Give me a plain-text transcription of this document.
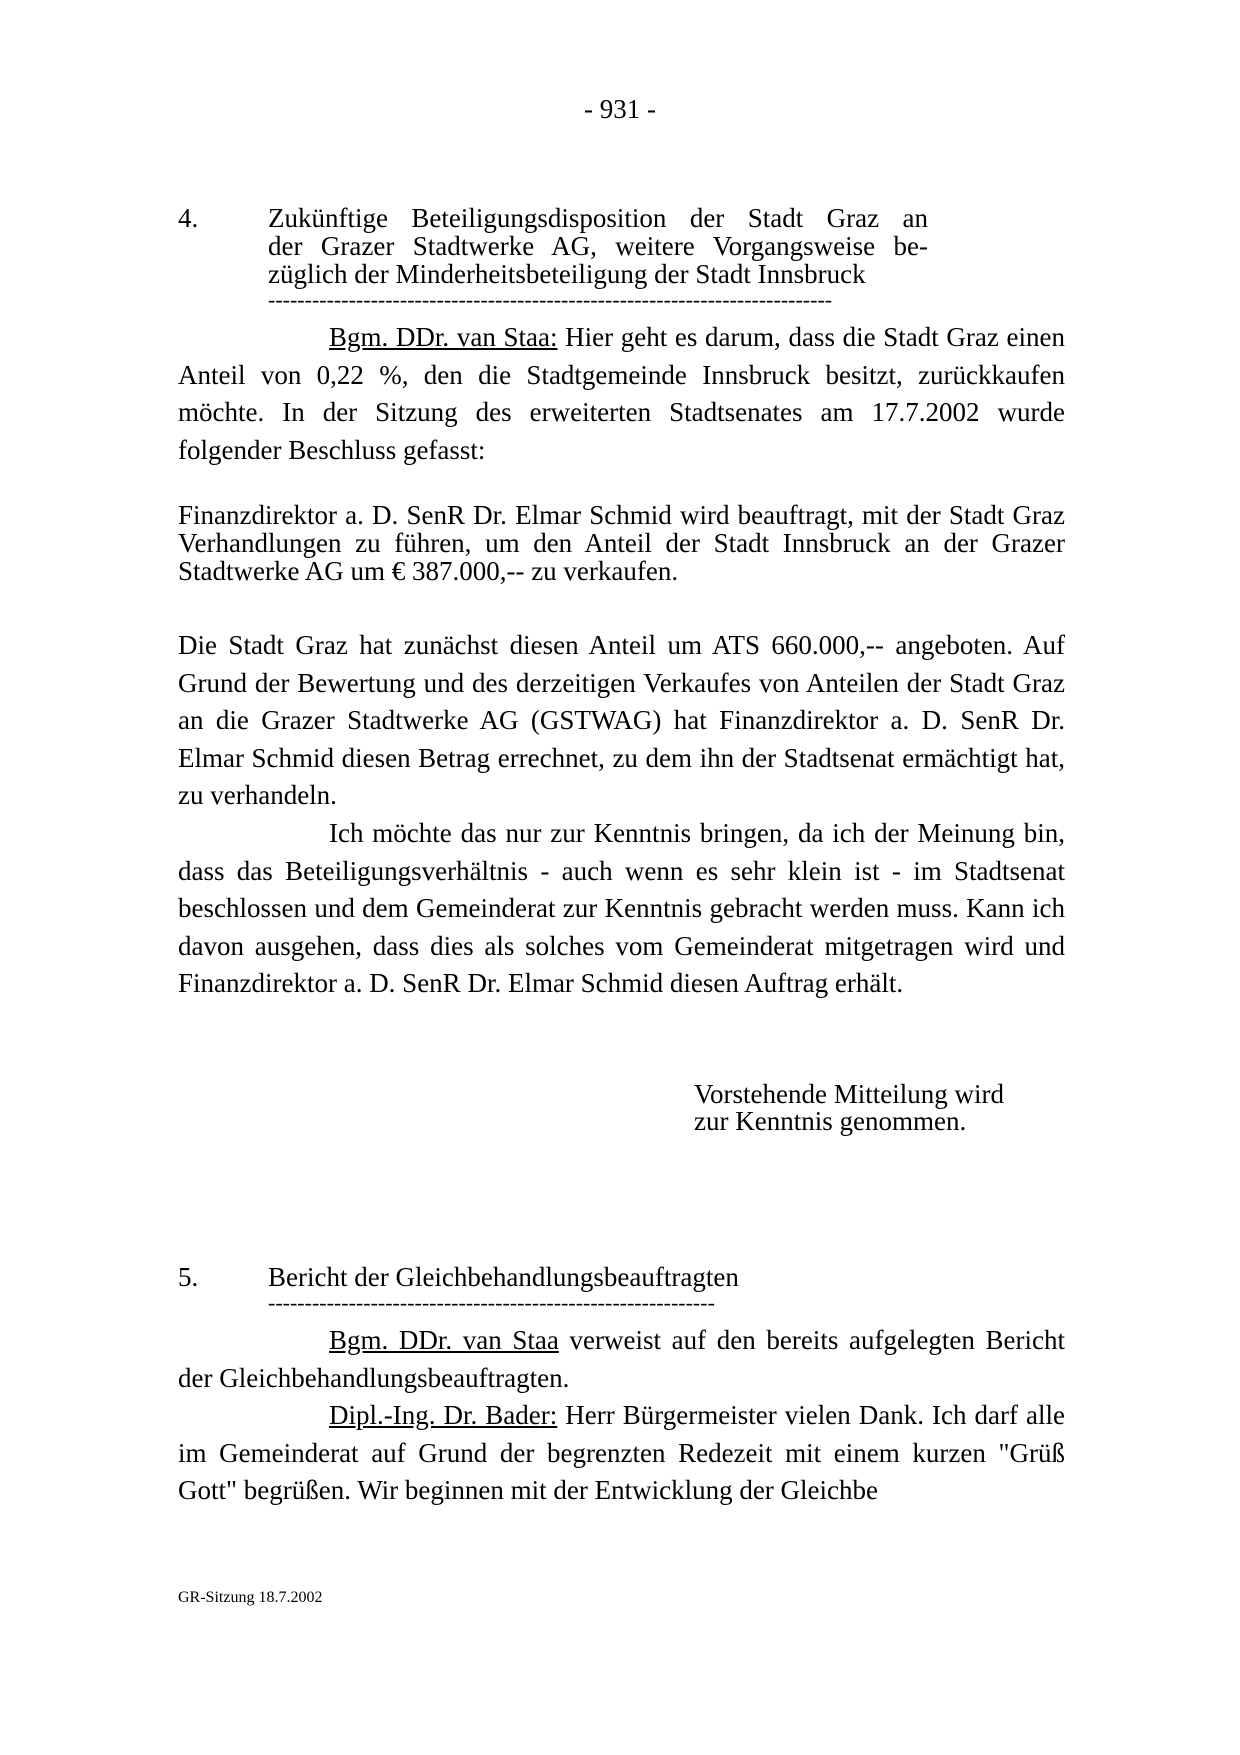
- 931 -
4.	Zukünftige Beteiligungsdisposition der Stadt Graz an
der Grazer Stadtwerke AG, weitere Vorgangsweise be-
züglich der Minderheitsbeteiligung der Stadt Innsbruck
-----------------------------------------------------------------------------

Bgm. DDr. van Staa: Hier geht es darum, dass die Stadt Graz einen Anteil von 0,22 %, den die Stadtgemeinde Innsbruck besitzt, zurückkaufen möchte. In der Sitzung des erweiterten Stadtsenates am 17.7.2002 wurde folgender Beschluss gefasst:

Finanzdirektor a. D. SenR Dr. Elmar Schmid wird beauftragt, mit der Stadt Graz Verhandlungen zu führen, um den Anteil der Stadt Innsbruck an der Grazer Stadtwerke AG um € 387.000,-- zu verkaufen.

Die Stadt Graz hat zunächst diesen Anteil um ATS 660.000,-- angeboten. Auf Grund der Bewertung und des derzeitigen Verkaufes von Anteilen der Stadt Graz an die Grazer Stadtwerke AG (GSTWAG) hat Finanzdirektor a. D. SenR Dr. Elmar Schmid diesen Betrag errechnet, zu dem ihn der Stadtsenat ermächtigt hat, zu verhandeln.

Ich möchte das nur zur Kenntnis bringen, da ich der Meinung bin, dass das Beteiligungsverhältnis - auch wenn es sehr klein ist - im Stadtsenat beschlossen und dem Gemeinderat zur Kenntnis gebracht werden muss. Kann ich davon ausgehen, dass dies als solches vom Gemeinderat mitgetragen wird und Finanzdirektor a. D. SenR Dr. Elmar Schmid diesen Auftrag erhält.

Vorstehende Mitteilung wird
zur Kenntnis genommen.
5.	Bericht der Gleichbehandlungsbeauftragten
-------------------------------------------------------------

Bgm. DDr. van Staa verweist auf den bereits aufgelegten Bericht der Gleichbehandlungsbeauftragten.

Dipl.-Ing. Dr. Bader: Herr Bürgermeister vielen Dank. Ich darf alle im Gemeinderat auf Grund der begrenzten Redezeit mit einem kurzen "Grüß Gott" begrüßen. Wir beginnen mit der Entwicklung der Gleichbe

GR-Sitzung 18.7.2002
